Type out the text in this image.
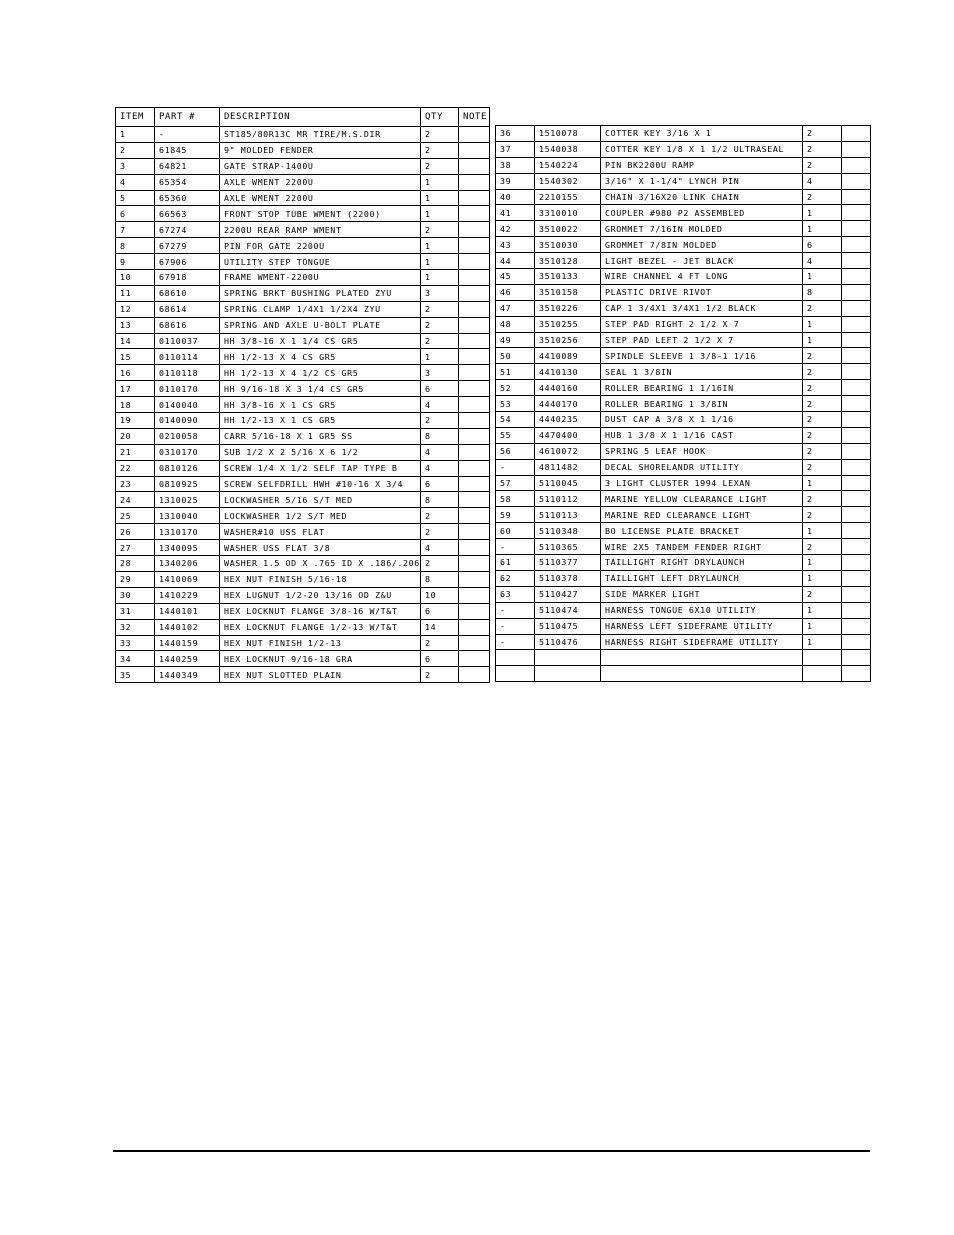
ITEM	PART #	DESCRIPTION	QTY	NOTE
1	-	ST185/80R13C MR TIRE/M.S.DIR	2	
2	61845	9" MOLDED FENDER	2	
3	64821	GATE STRAP-1400U	2	
4	65354	AXLE WMENT 2200U	1	
5	65360	AXLE WMENT 2200U	1	
6	66563	FRONT STOP TUBE WMENT (2200)	1	
7	67274	2200U REAR RAMP WMENT	2	
8	67279	PIN FOR GATE 2200U	1	
9	67906	UTILITY STEP TONGUE	1	
10	67918	FRAME WMENT-2200U	1	
11	68610	SPRING BRKT BUSHING PLATED ZYU	3	
12	68614	SPRING CLAMP 1/4X1 1/2X4 ZYU	2	
13	68616	SPRING AND AXLE U-BOLT PLATE	2	
14	0110037	HH 3/8-16 X 1 1/4 CS GR5	2	
15	0110114	HH 1/2-13 X 4 CS GR5	1	
16	0110118	HH 1/2-13 X 4 1/2 CS GR5	3	
17	0110170	HH 9/16-18 X 3 1/4 CS GR5	6	
18	0140040	HH 3/8-16 X 1 CS GR5	4	
19	0140090	HH 1/2-13 X 1 CS GR5	2	
20	0210058	CARR 5/16-18 X 1 GR5 SS	8	
21	0310170	SUB 1/2 X 2 5/16 X 6 1/2	4	
22	0810126	SCREW 1/4 X 1/2 SELF TAP TYPE B	4	
23	0810925	SCREW SELFDRILL HWH #10-16 X 3/4	6	
24	1310025	LOCKWASHER 5/16 S/T MED	8	
25	1310040	LOCKWASHER 1/2 S/T MED	2	
26	1310170	WASHER#10 USS FLAT	2	
27	1340095	WASHER USS FLAT 3/8	4	
28	1340206	WASHER 1.5 OD X .765 ID X .186/.206	2	
29	1410069	HEX NUT FINISH 5/16-18	8	
30	1410229	HEX LUGNUT 1/2-20 13/16 OD Z&U	10	
31	1440101	HEX LOCKNUT FLANGE 3/8-16 W/T&T	6	
32	1440102	HEX LOCKNUT FLANGE 1/2-13 W/T&T	14	
33	1440159	HEX NUT FINISH 1/2-13	2	
34	1440259	HEX LOCKNUT 9/16-18 GRA	6	
35	1440349	HEX NUT SLOTTED PLAIN	2	
36	1510078	COTTER KEY 3/16 X 1	2	
37	1540038	COTTER KEY 1/8 X 1 1/2 ULTRASEAL	2	
38	1540224	PIN BK2200U RAMP	2	
39	1540302	3/16" X 1-1/4" LYNCH PIN	4	
40	2210155	CHAIN 3/16X20 LINK CHAIN	2	
41	3310010	COUPLER #980 P2 ASSEMBLED	1	
42	3510022	GROMMET 7/16IN MOLDED	1	
43	3510030	GROMMET 7/8IN MOLDED	6	
44	3510128	LIGHT BEZEL - JET BLACK	4	
45	3510133	WIRE CHANNEL 4 FT LONG	1	
46	3510158	PLASTIC DRIVE RIVOT	8	
47	3510226	CAP 1 3/4X1 3/4X1 1/2 BLACK	2	
48	3510255	STEP PAD RIGHT 2 1/2 X 7	1	
49	3510256	STEP PAD LEFT 2 1/2 X 7	1	
50	4410089	SPINDLE SLEEVE 1 3/8-1 1/16	2	
51	4410130	SEAL 1 3/8IN	2	
52	4440160	ROLLER BEARING 1 1/16IN	2	
53	4440170	ROLLER BEARING 1 3/8IN	2	
54	4440235	DUST CAP A 3/8 X 1 1/16	2	
55	4470400	HUB 1 3/8 X 1 1/16 CAST	2	
56	4610072	SPRING 5 LEAF HOOK	2	
-	4811482	DECAL SHORELANDR UTILITY	2	
57	5110045	3 LIGHT CLUSTER 1994 LEXAN	1	
58	5110112	MARINE YELLOW CLEARANCE LIGHT	2	
59	5110113	MARINE RED CLEARANCE LIGHT	2	
60	5110348	BO LICENSE PLATE BRACKET	1	
-	5110365	WIRE 2X5 TANDEM FENDER RIGHT	2	
61	5110377	TAILLIGHT RIGHT DRYLAUNCH	1	
62	5110378	TAILLIGHT LEFT DRYLAUNCH	1	
63	5110427	SIDE MARKER LIGHT	2	
-	5110474	HARNESS TONGUE 6X10 UTILITY	1	
-	5110475	HARNESS LEFT SIDEFRAME UTILITY	1	
-	5110476	HARNESS RIGHT SIDEFRAME UTILITY	1	
